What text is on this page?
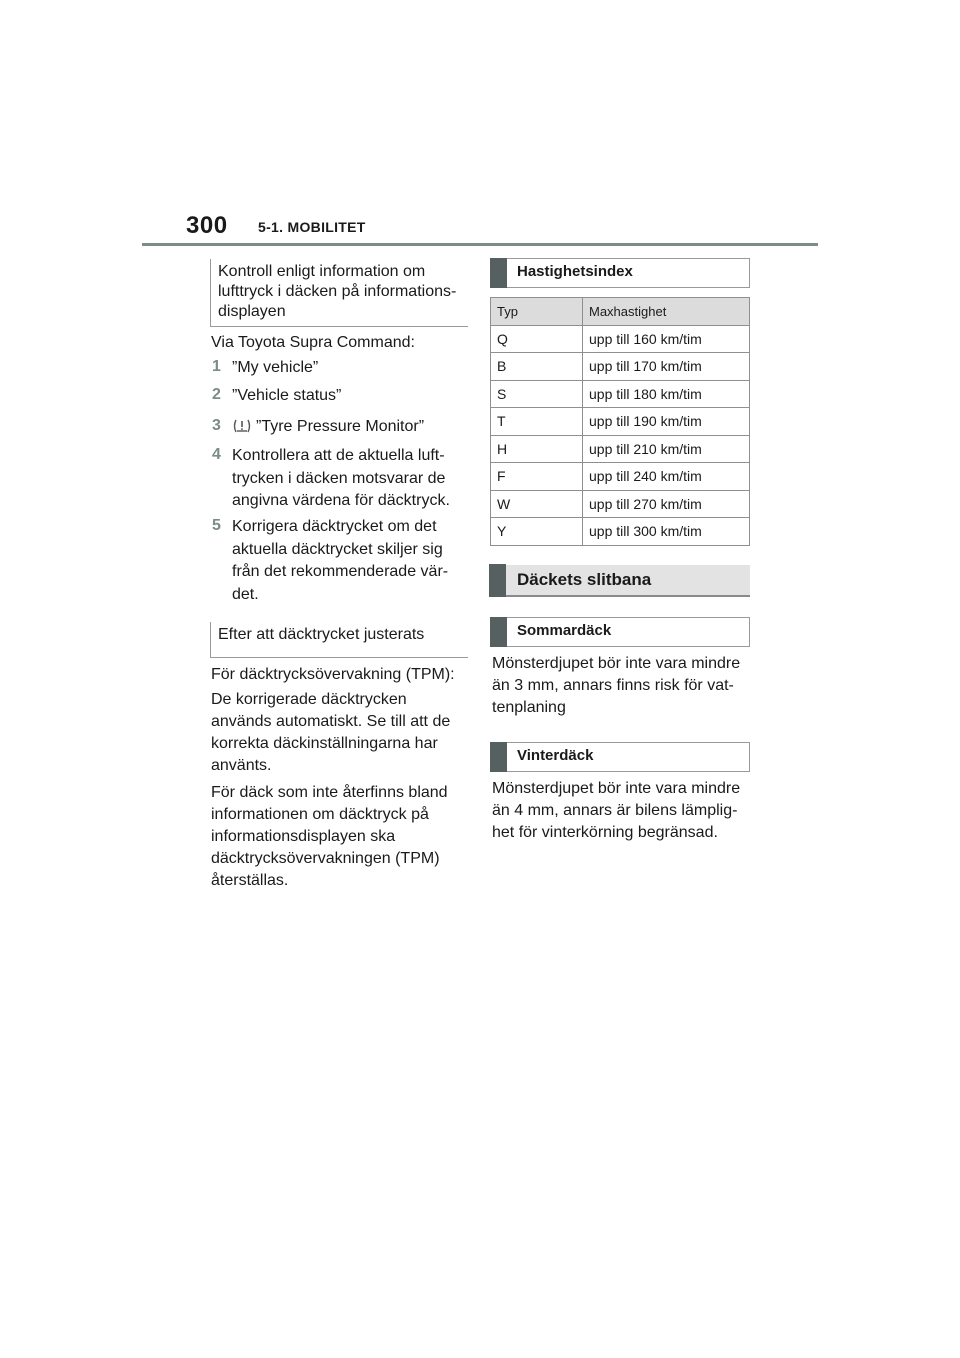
300 5-1. MOBILITET
Kontroll enligt information om lufttryck i däcken på informations-displayen
Via Toyota Supra Command:
1 ”My vehicle”
2 ”Vehicle status”
3	”Tyre Pressure Monitor”
4 Kontrollera att de aktuella luft-trycken i däcken motsvarar de angivna värdena för däcktryck.
5 Korrigera däcktrycket om det aktuella däcktrycket skiljer sig från det rekommenderade vär-det.
Efter att däcktrycket justerats
För däcktrycksövervakning (TPM):
De korrigerade däcktrycken används automatiskt. Se till att de korrekta däckinställningarna har använts.
För däck som inte återfinns bland informationen om däcktryck på informationsdisplayen ska däcktrycksövervakningen (TPM) återställas.
Hastighetsindex
Typ	Maxhastighet
Q	upp till 160 km/tim
B	upp till 170 km/tim
S	upp till 180 km/tim
T	upp till 190 km/tim
H	upp till 210 km/tim
F	upp till 240 km/tim
W	upp till 270 km/tim
Y	upp till 300 km/tim
Däckets slitbana
Sommardäck
Mönsterdjupet bör inte vara mindre än 3 mm, annars finns risk för vat-tenplaning
Vinterdäck
Mönsterdjupet bör inte vara mindre än 4 mm, annars är bilens lämplig-het för vinterkörning begränsad.
